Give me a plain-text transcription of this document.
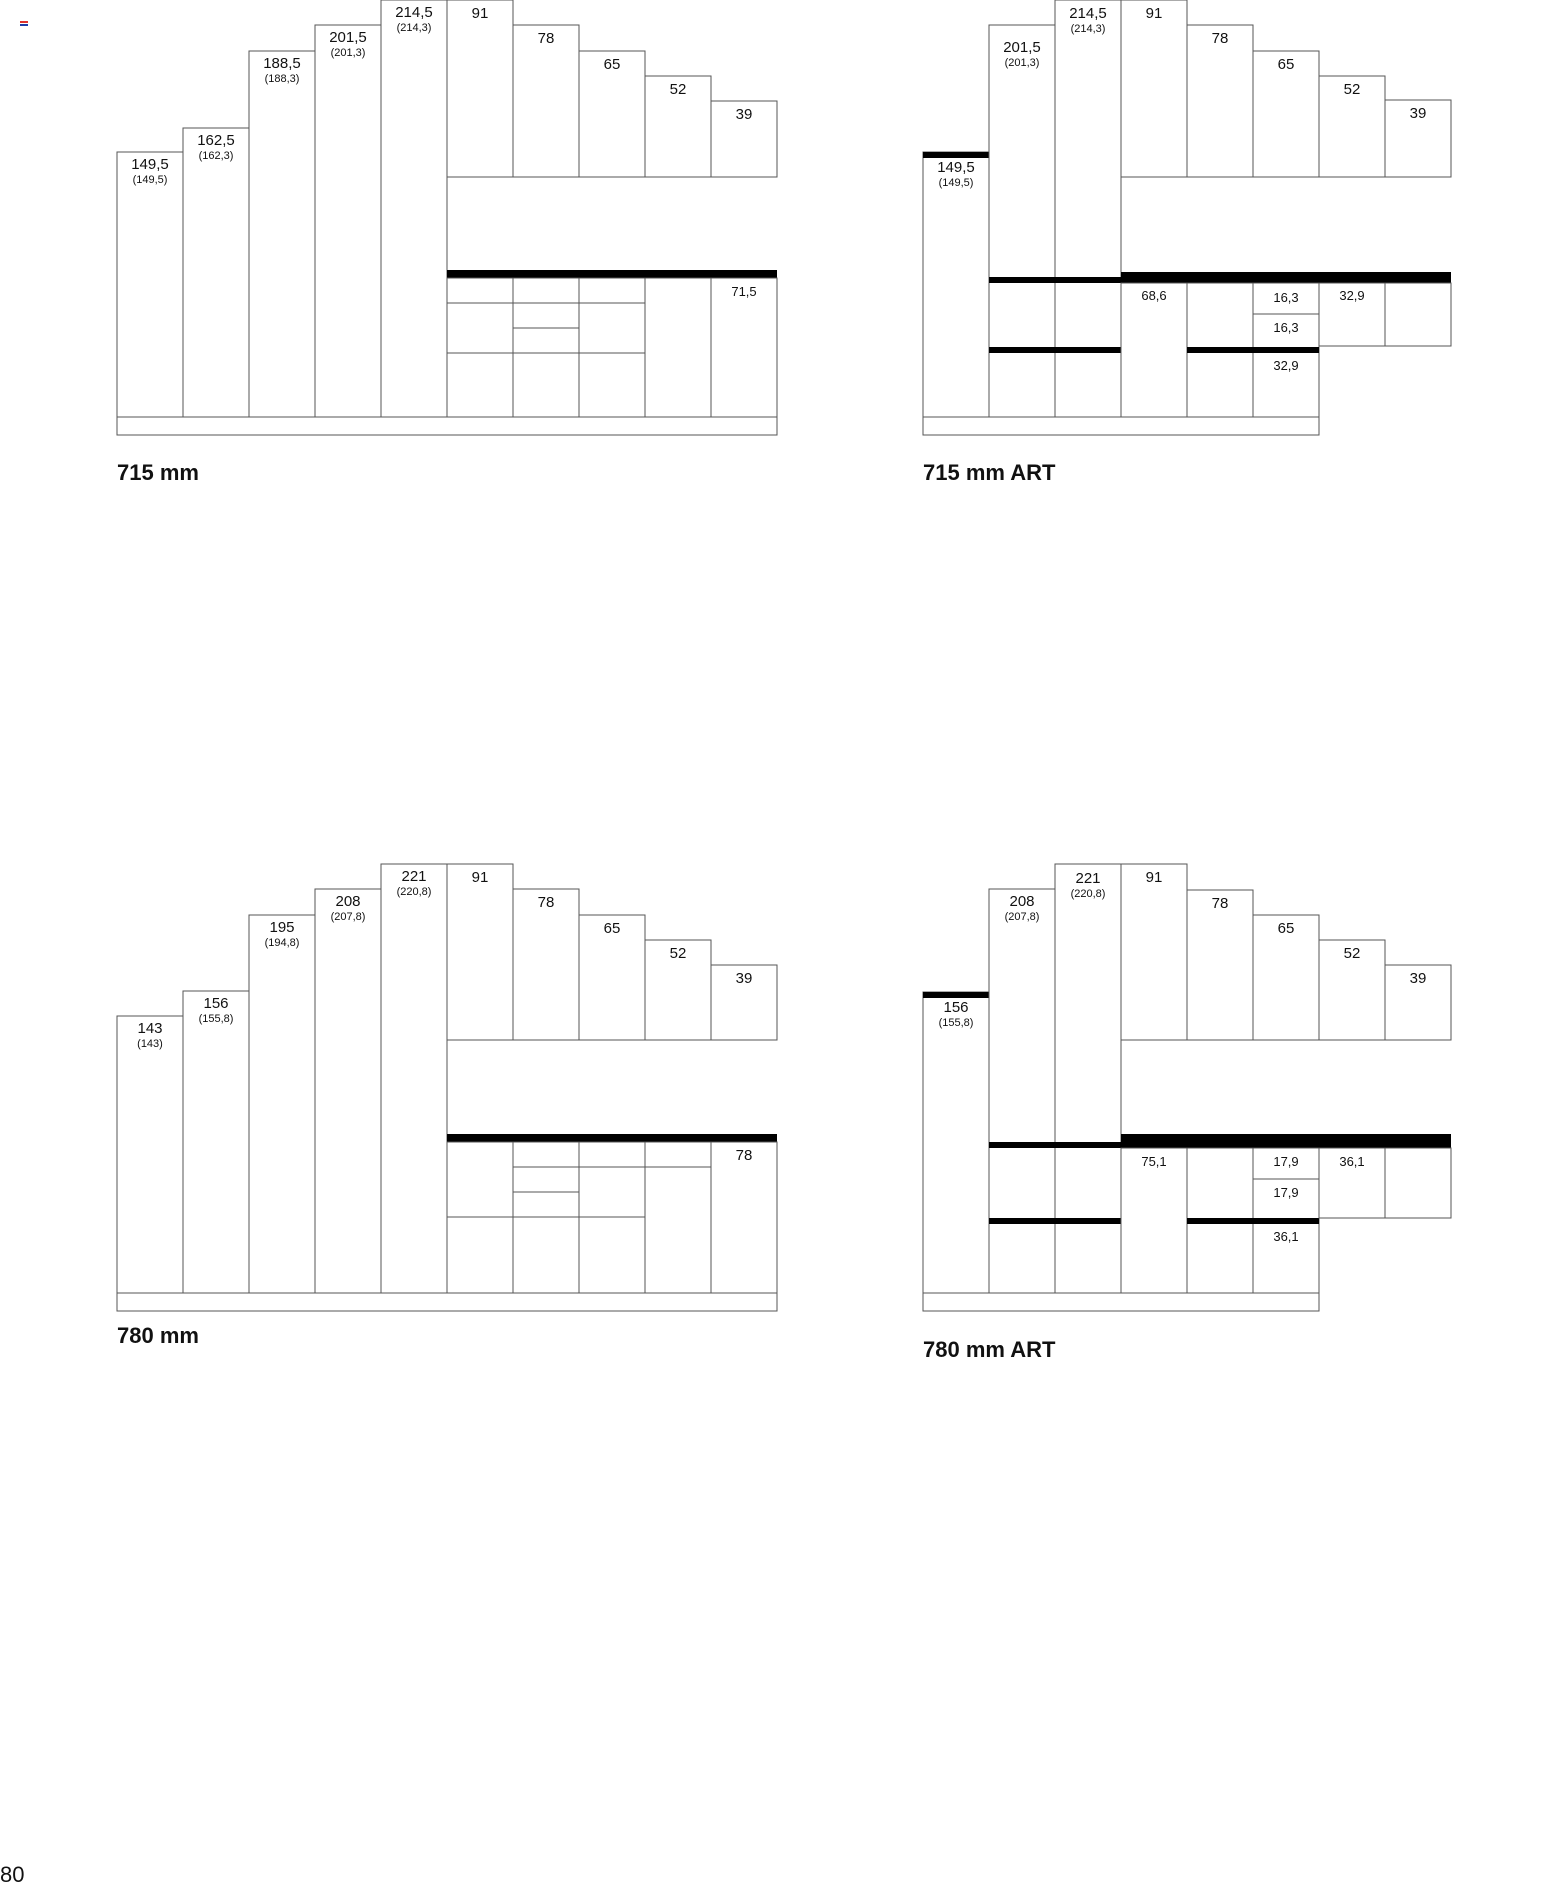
149,5
(149,5)
162,5
(162,3)
188,5
(188,3)
201,5
(201,3)
214,5
(214,3)
91
78
65
52
39
71,5
149,5
(149,5)
201,5
(201,3)
214,5
(214,3)
91
78
65
52
39
68,6	16,3
16,3
32,9
32,9
143
(143)
156
(155,8)
195
(194,8)
208
(207,8)
221
(220,8)
91
78
65
52
39
78
156
(155,8)
208
(207,8)
221
(220,8)
91
78
65
52
39
75,1	17,9
17,9
36,1
36,1
715 mm	715 mm ART
780 mm
780 mm ART
80
